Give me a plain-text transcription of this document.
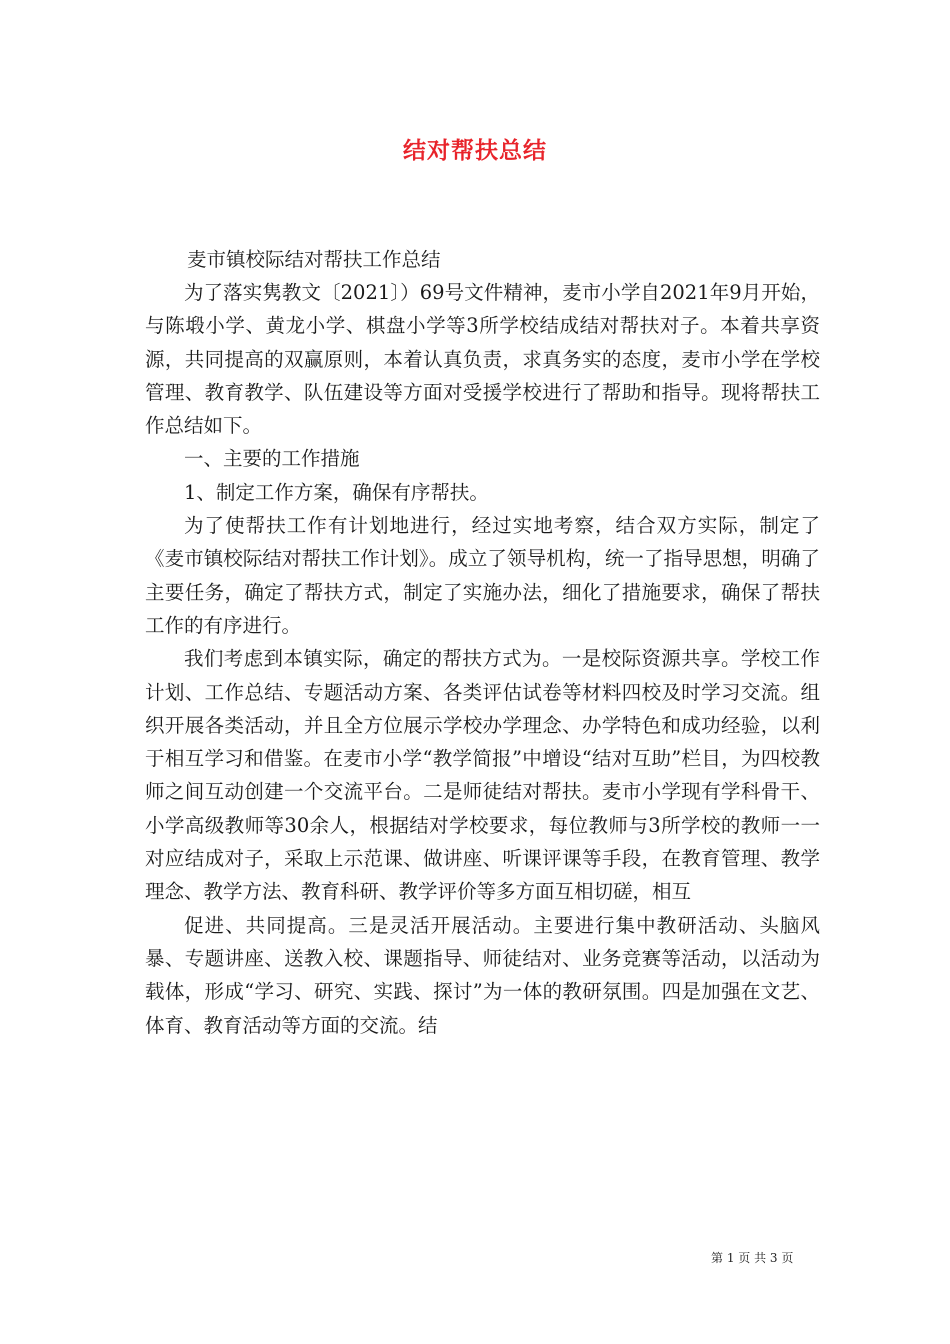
结对帮扶总结
麦市镇校际结对帮扶工作总结

为了落实隽教文〔2021〕）69号文件精神，麦市小学自2021年9月开始，与陈塅小学、黄龙小学、棋盘小学等3所学校结成结对帮扶对子。本着共享资源，共同提高的双赢原则，本着认真负责，求真务实的态度，麦市小学在学校管理、教育教学、队伍建设等方面对受援学校进行了帮助和指导。现将帮扶工作总结如下。

一、主要的工作措施

1、制定工作方案，确保有序帮扶。

为了使帮扶工作有计划地进行，经过实地考察，结合双方实际，制定了《麦市镇校际结对帮扶工作计划》。成立了领导机构，统一了指导思想，明确了主要任务，确定了帮扶方式，制定了实施办法，细化了措施要求，确保了帮扶工作的有序进行。

我们考虑到本镇实际，确定的帮扶方式为。一是校际资源共享。学校工作计划、工作总结、专题活动方案、各类评估试卷等材料四校及时学习交流。组织开展各类活动，并且全方位展示学校办学理念、办学特色和成功经验，以利于相互学习和借鉴。在麦市小学“教学简报”中增设“结对互助”栏目，为四校教师之间互动创建一个交流平台。二是师徒结对帮扶。麦市小学现有学科骨干、小学高级教师等30余人，根据结对学校要求，每位教师与3所学校的教师一一对应结成对子，采取上示范课、做讲座、听课评课等手段，在教育管理、教学理念、教学方法、教育科研、教学评价等多方面互相切磋，相互

促进、共同提高。三是灵活开展活动。主要进行集中教研活动、头脑风暴、专题讲座、送教入校、课题指导、师徒结对、业务竞赛等活动，以活动为载体，形成“学习、研究、实践、探讨”为一体的教研氛围。四是加强在文艺、体育、教育活动等方面的交流。结

第 1 页 共 3 页
